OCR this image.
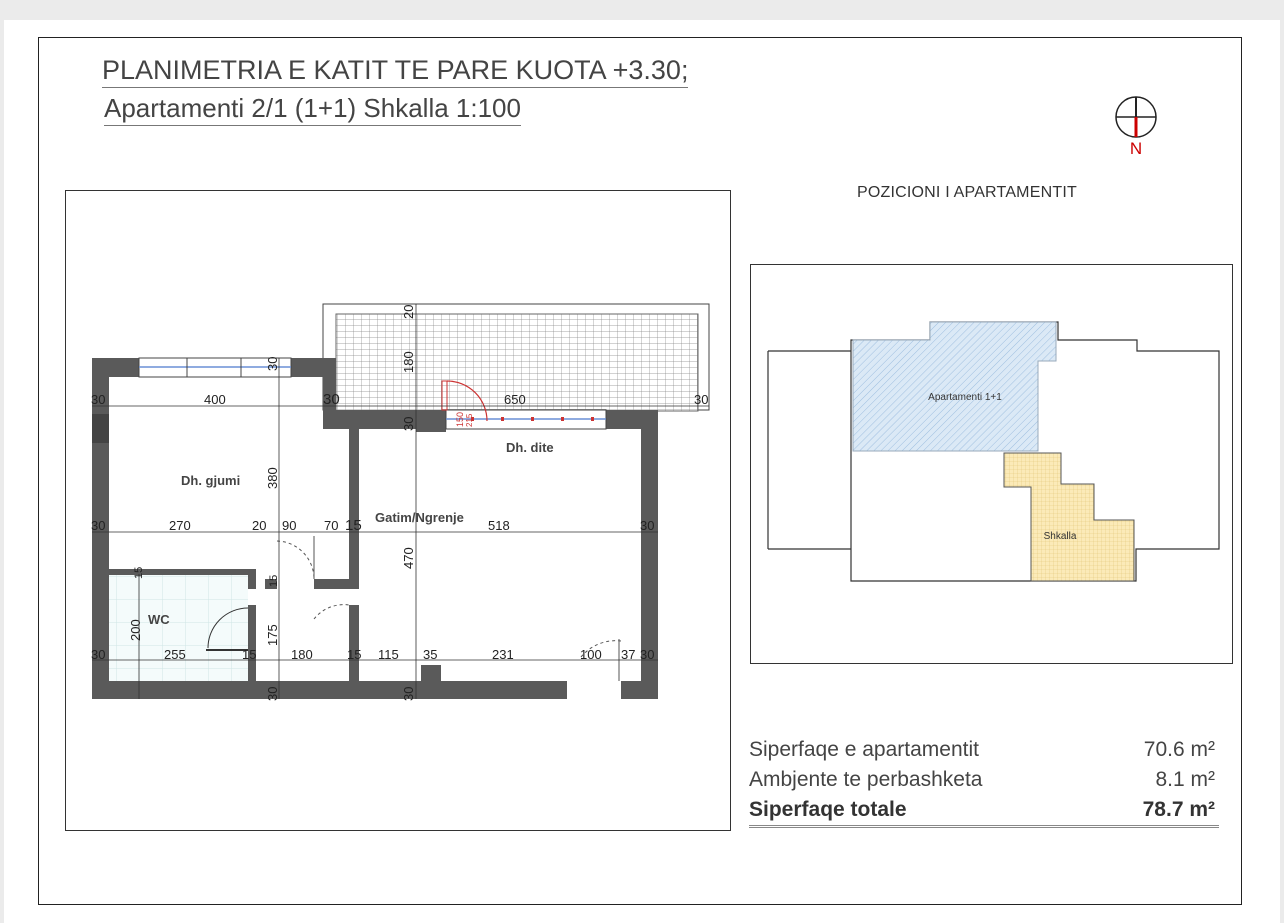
PLANIMETRIA E KATIT TE PARE KUOTA +3.30;
Apartamenti 2/1 (1+1) Shkalla 1:100
N
POZICIONI I APARTAMENTIT
Dh. gjumi
Dh. dite
Gatim/Ngrenje
WC
30	400	30	650	30
30	270	20 90 70 15	518	30
30	255	15	180	15 115 35	231	100 37 30
20
180
30
30
380
470
15
15
200	175
30	30
150 215
Apartamenti 1+1
Shkalla
Siperfaqe e apartamentit	70.6 m²
Ambjente te perbashketa	8.1 m²
Siperfaqe totale	78.7 m²
